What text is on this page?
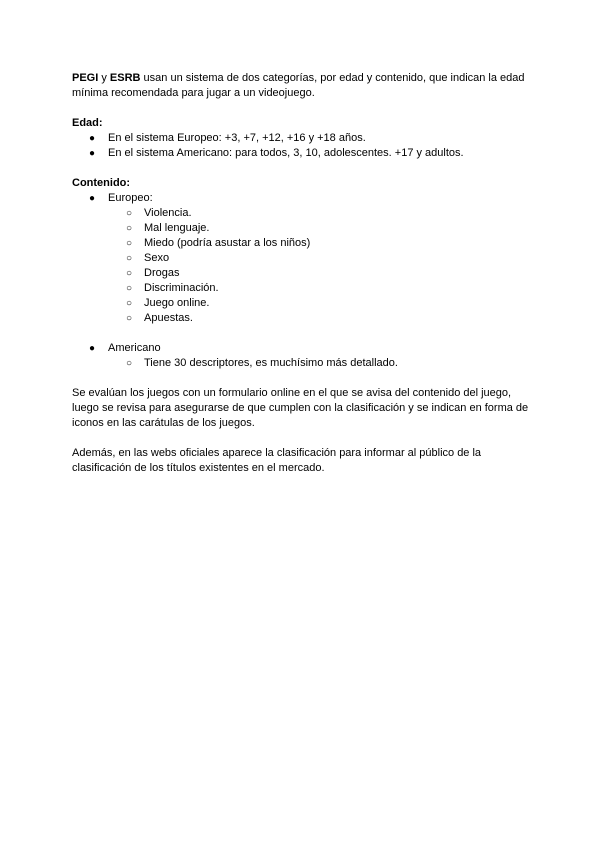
PEGI y ESRB usan un sistema de dos categorías, por edad y contenido, que indican la edad mínima recomendada para jugar a un videojuego.

Edad:

● En el sistema Europeo: +3, +7, +12, +16 y +18 años.
● En el sistema Americano: para todos, 3, 10, adolescentes. +17 y adultos.

Contenido:

● Europeo:
○ Violencia.
○ Mal lenguaje.
○ Miedo (podría asustar a los niños)
○ Sexo
○ Drogas
○ Discriminación.
○ Juego online.
○ Apuestas.
● Americano
○ Tiene 30 descriptores, es muchísimo más detallado.

Se evalúan los juegos con un formulario online en el que se avisa del contenido del juego, luego se revisa para asegurarse de que cumplen con la clasificación y se indican en forma de iconos en las carátulas de los juegos.

Además, en las webs oficiales aparece la clasificación para informar al público de la clasificación de los títulos existentes en el mercado.
